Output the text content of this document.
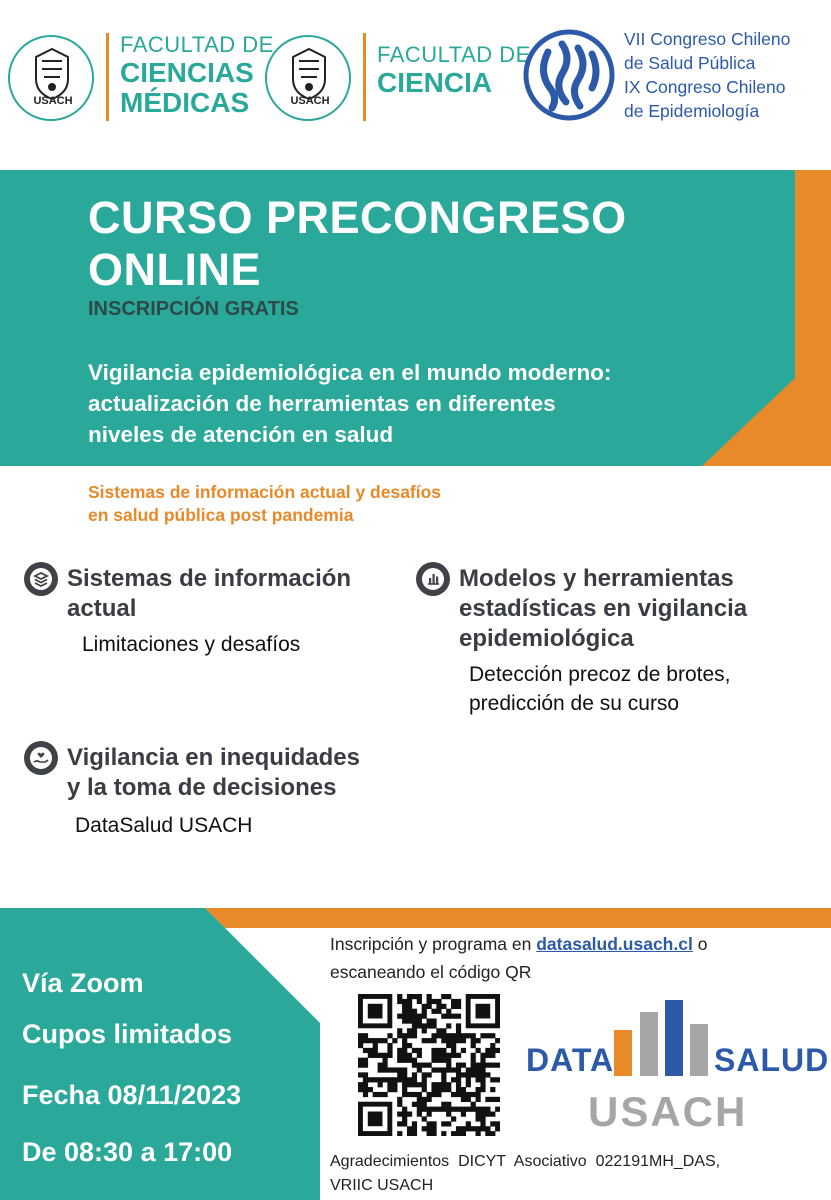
USACH
FACULTAD DE
CIENCIAS
MÉDICAS	USACH
FACULTAD DE
CIENCIA
VII Congreso Chileno
de Salud Pública
IX Congreso Chileno
de Epidemiología
CURSO PRECONGRESO
ONLINE
INSCRIPCIÓN GRATIS
Vigilancia epidemiológica en el mundo moderno:
actualización de herramientas en diferentes
niveles de atención en salud
Sistemas de información actual y desafíos
en salud pública post pandemia
Sistemas de información
actual
Limitaciones y desafíos
Modelos y herramientas
estadísticas en vigilancia
epidemiológica
Detección precoz de brotes,
predicción de su curso
Vigilancia en inequidades
y la toma de decisiones
DataSalud USACH
Vía Zoom
Cupos limitados
Fecha 08/11/2023
De 08:30 a 17:00
Inscripción y programa en datasalud.usach.cl o
escaneando el código QR
DATA	SALUD
USACH
Agradecimientos  DICYT  Asociativo  022191MH_DAS,
VRIIC USACH
